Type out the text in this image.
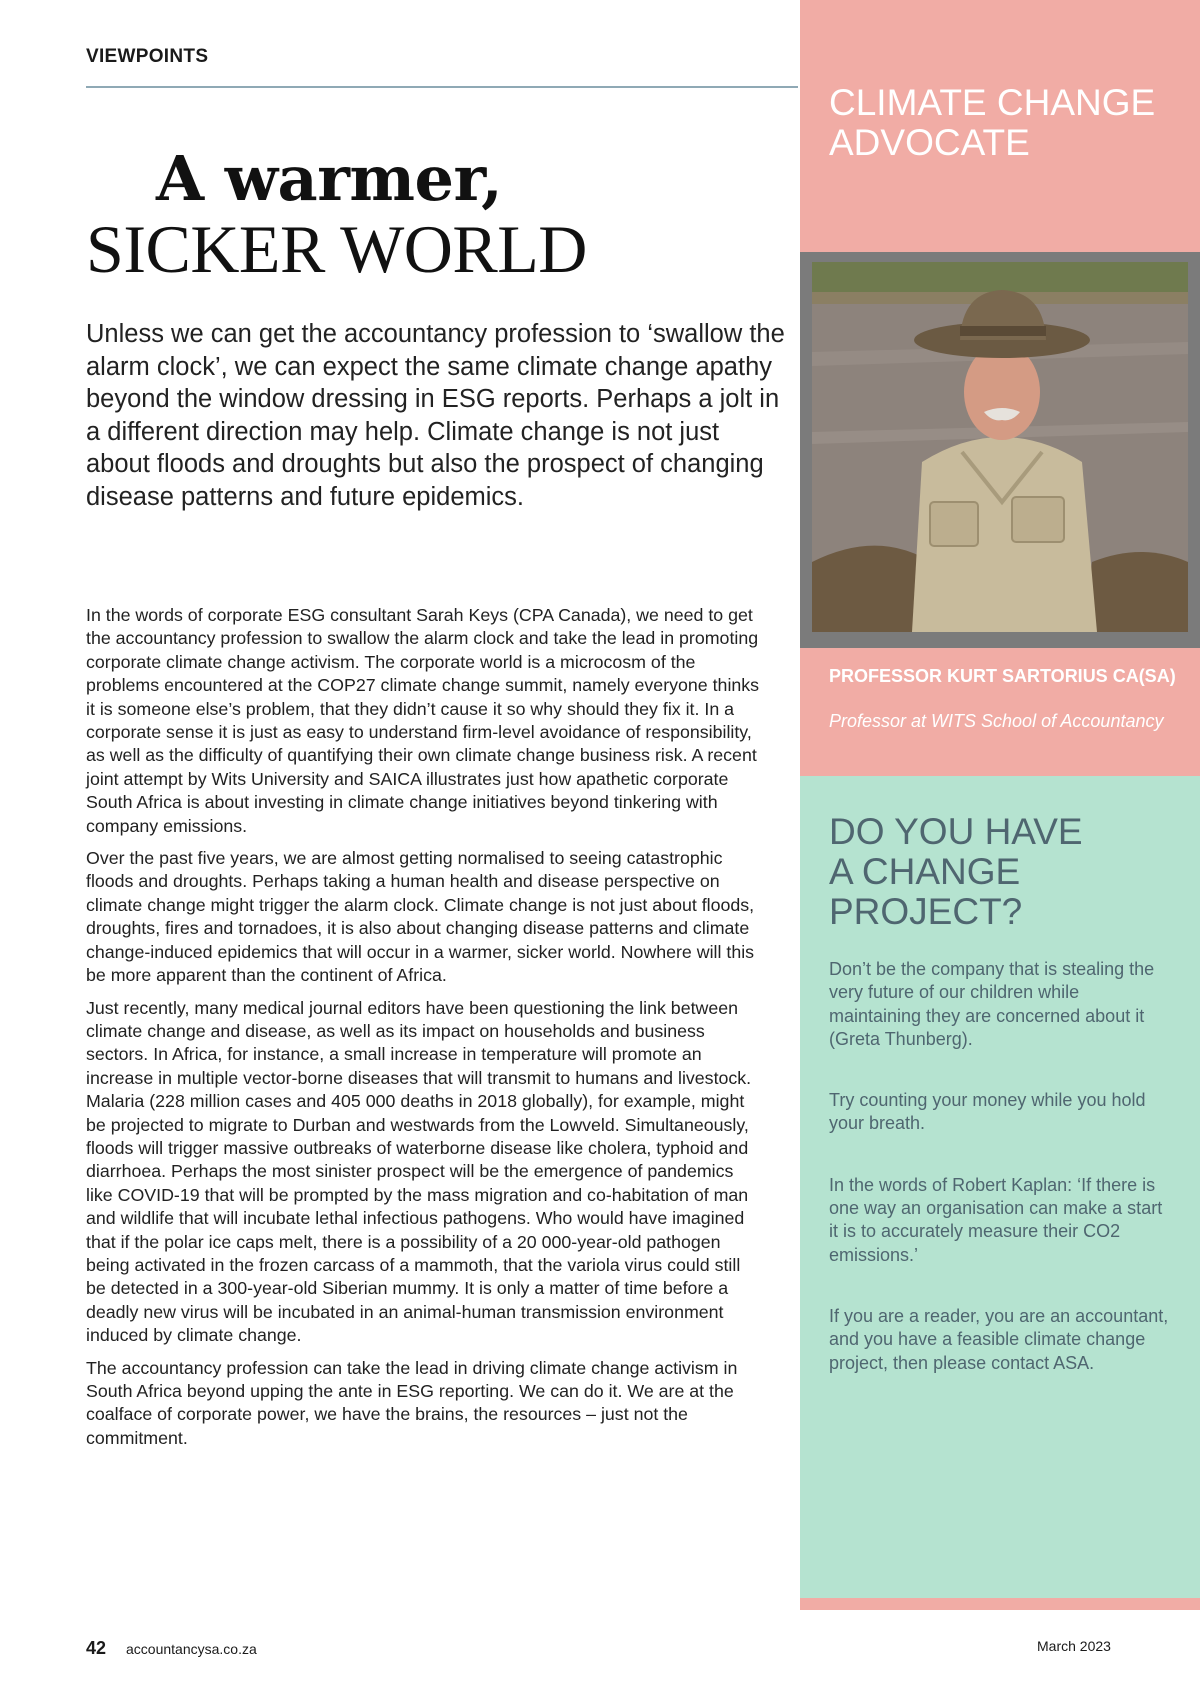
VIEWPOINTS
A warmer,
SICKER WORLD
Unless we can get the accountancy profession to ‘swallow the alarm clock’, we can expect the same climate change apathy beyond the window dressing in ESG reports. Perhaps a jolt in a different direction may help. Climate change is not just about floods and droughts but also the prospect of changing disease patterns and future epidemics.

In the words of corporate ESG consultant Sarah Keys (CPA Canada), we need to get the accountancy profession to swallow the alarm clock and take the lead in promoting corporate climate change activism. The corporate world is a microcosm of the problems encountered at the COP27 climate change summit, namely everyone thinks it is someone else’s problem, that they didn’t cause it so why should they fix it. In a corporate sense it is just as easy to understand firm-level avoidance of responsibility, as well as the difficulty of quantifying their own climate change business risk. A recent joint attempt by Wits University and SAICA illustrates just how apathetic corporate South Africa is about investing in climate change initiatives beyond tinkering with company emissions.

Over the past five years, we are almost getting normalised to seeing catastrophic floods and droughts. Perhaps taking a human health and disease perspective on climate change might trigger the alarm clock. Climate change is not just about floods, droughts, fires and tornadoes, it is also about changing disease patterns and climate change-induced epidemics that will occur in a warmer, sicker world. Nowhere will this be more apparent than the continent of Africa.

Just recently, many medical journal editors have been questioning the link between climate change and disease, as well as its impact on households and business sectors. In Africa, for instance, a small increase in temperature will promote an increase in multiple vector-borne diseases that will transmit to humans and livestock. Malaria (228 million cases and 405 000 deaths in 2018 globally), for example, might be projected to migrate to Durban and westwards from the Lowveld. Simultaneously, floods will trigger massive outbreaks of waterborne disease like cholera, typhoid and diarrhoea. Perhaps the most sinister prospect will be the emergence of pandemics like COVID-19 that will be prompted by the mass migration and co-habitation of man and wildlife that will incubate lethal infectious pathogens. Who would have imagined that if the polar ice caps melt, there is a possibility of a 20 000-year-old pathogen being activated in the frozen carcass of a mammoth, that the variola virus could still be detected in a 300-year-old Siberian mummy. It is only a matter of time before a deadly new virus will be incubated in an animal-human transmission environment induced by climate change.

The accountancy profession can take the lead in driving climate change activism in South Africa beyond upping the ante in ESG reporting. We can do it. We are at the coalface of corporate power, we have the brains, the resources – just not the commitment.

CLIMATE CHANGE
ADVOCATE
PROFESSOR KURT SARTORIUS CA(SA)
Professor at WITS School of Accountancy
DO YOU HAVE
A CHANGE
PROJECT?

Don’t be the company that is stealing the very future of our children while maintaining they are concerned about it (Greta Thunberg).

Try counting your money while you hold your breath.

In the words of Robert Kaplan: ‘If there is one way an organisation can make a start it is to accurately measure their CO2 emissions.’

If you are a reader, you are an accountant, and you have a feasible climate change project, then please contact ASA.

42 accountancysa.co.za	March 2023
